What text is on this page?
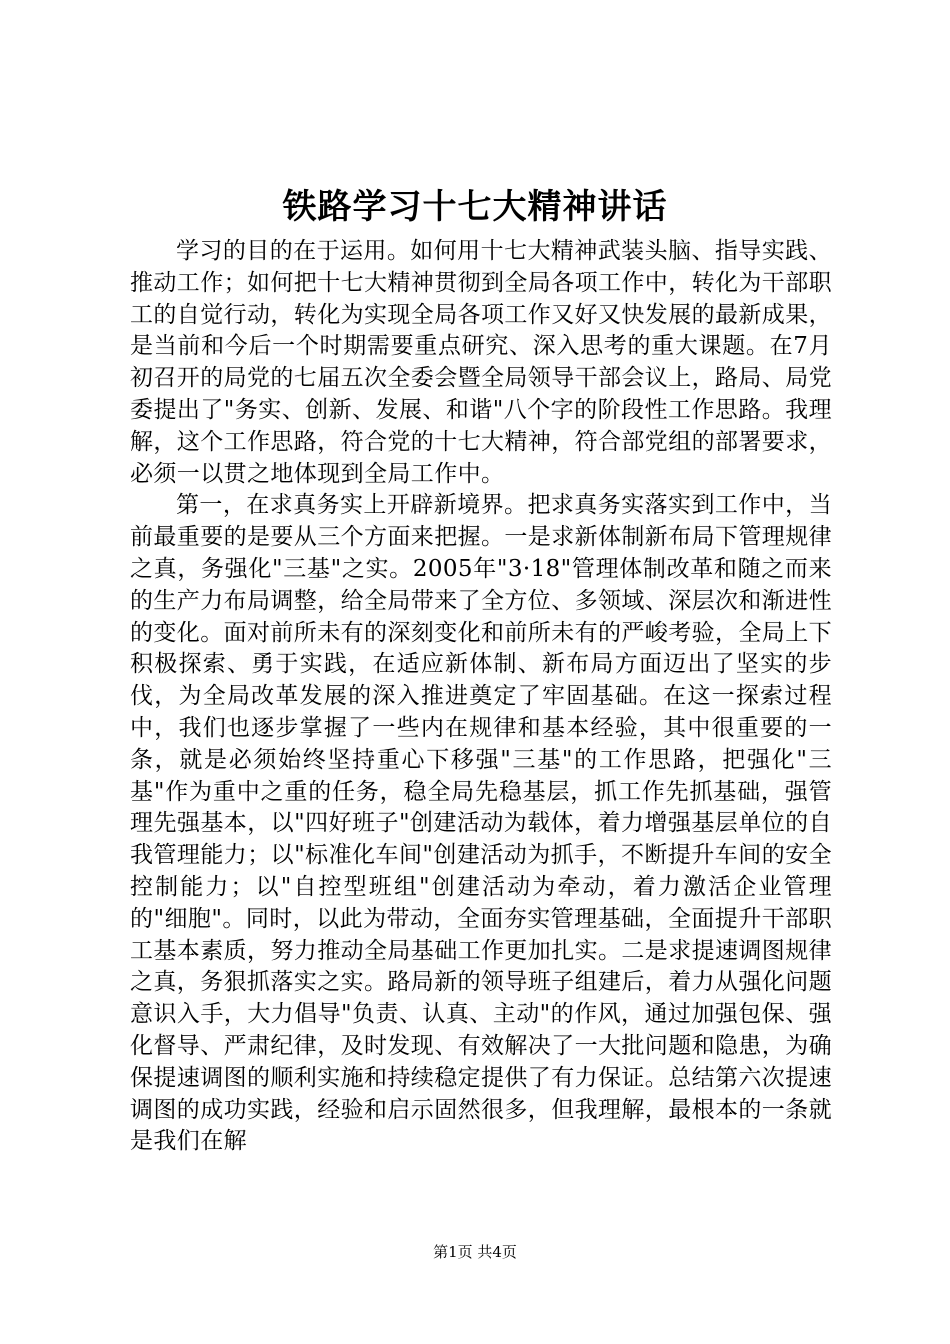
铁路学习十七大精神讲话

学习的目的在于运用。如何用十七大精神武装头脑、指导实践、推动工作；如何把十七大精神贯彻到全局各项工作中，转化为干部职工的自觉行动，转化为实现全局各项工作又好又快发展的最新成果，是当前和今后一个时期需要重点研究、深入思考的重大课题。在7月初召开的局党的七届五次全委会暨全局领导干部会议上，路局、局党委提出了"务实、创新、发展、和谐"八个字的阶段性工作思路。我理解，这个工作思路，符合党的十七大精神，符合部党组的部署要求，必须一以贯之地体现到全局工作中。

第一，在求真务实上开辟新境界。把求真务实落实到工作中，当前最重要的是要从三个方面来把握。一是求新体制新布局下管理规律之真，务强化"三基"之实。2005年"3·18"管理体制改革和随之而来的生产力布局调整，给全局带来了全方位、多领域、深层次和渐进性的变化。面对前所未有的深刻变化和前所未有的严峻考验，全局上下积极探索、勇于实践，在适应新体制、新布局方面迈出了坚实的步伐，为全局改革发展的深入推进奠定了牢固基础。在这一探索过程中，我们也逐步掌握了一些内在规律和基本经验，其中很重要的一条，就是必须始终坚持重心下移强"三基"的工作思路，把强化"三基"作为重中之重的任务，稳全局先稳基层，抓工作先抓基础，强管理先强基本，以"四好班子"创建活动为载体，着力增强基层单位的自我管理能力；以"标准化车间"创建活动为抓手，不断提升车间的安全控制能力；以"自控型班组"创建活动为牵动，着力激活企业管理的"细胞"。同时，以此为带动，全面夯实管理基础，全面提升干部职工基本素质，努力推动全局基础工作更加扎实。二是求提速调图规律之真，务狠抓落实之实。路局新的领导班子组建后，着力从强化问题意识入手，大力倡导"负责、认真、主动"的作风，通过加强包保、强化督导、严肃纪律，及时发现、有效解决了一大批问题和隐患，为确保提速调图的顺利实施和持续稳定提供了有力保证。总结第六次提速调图的成功实践，经验和启示固然很多，但我理解，最根本的一条就是我们在解

第1页 共4页
